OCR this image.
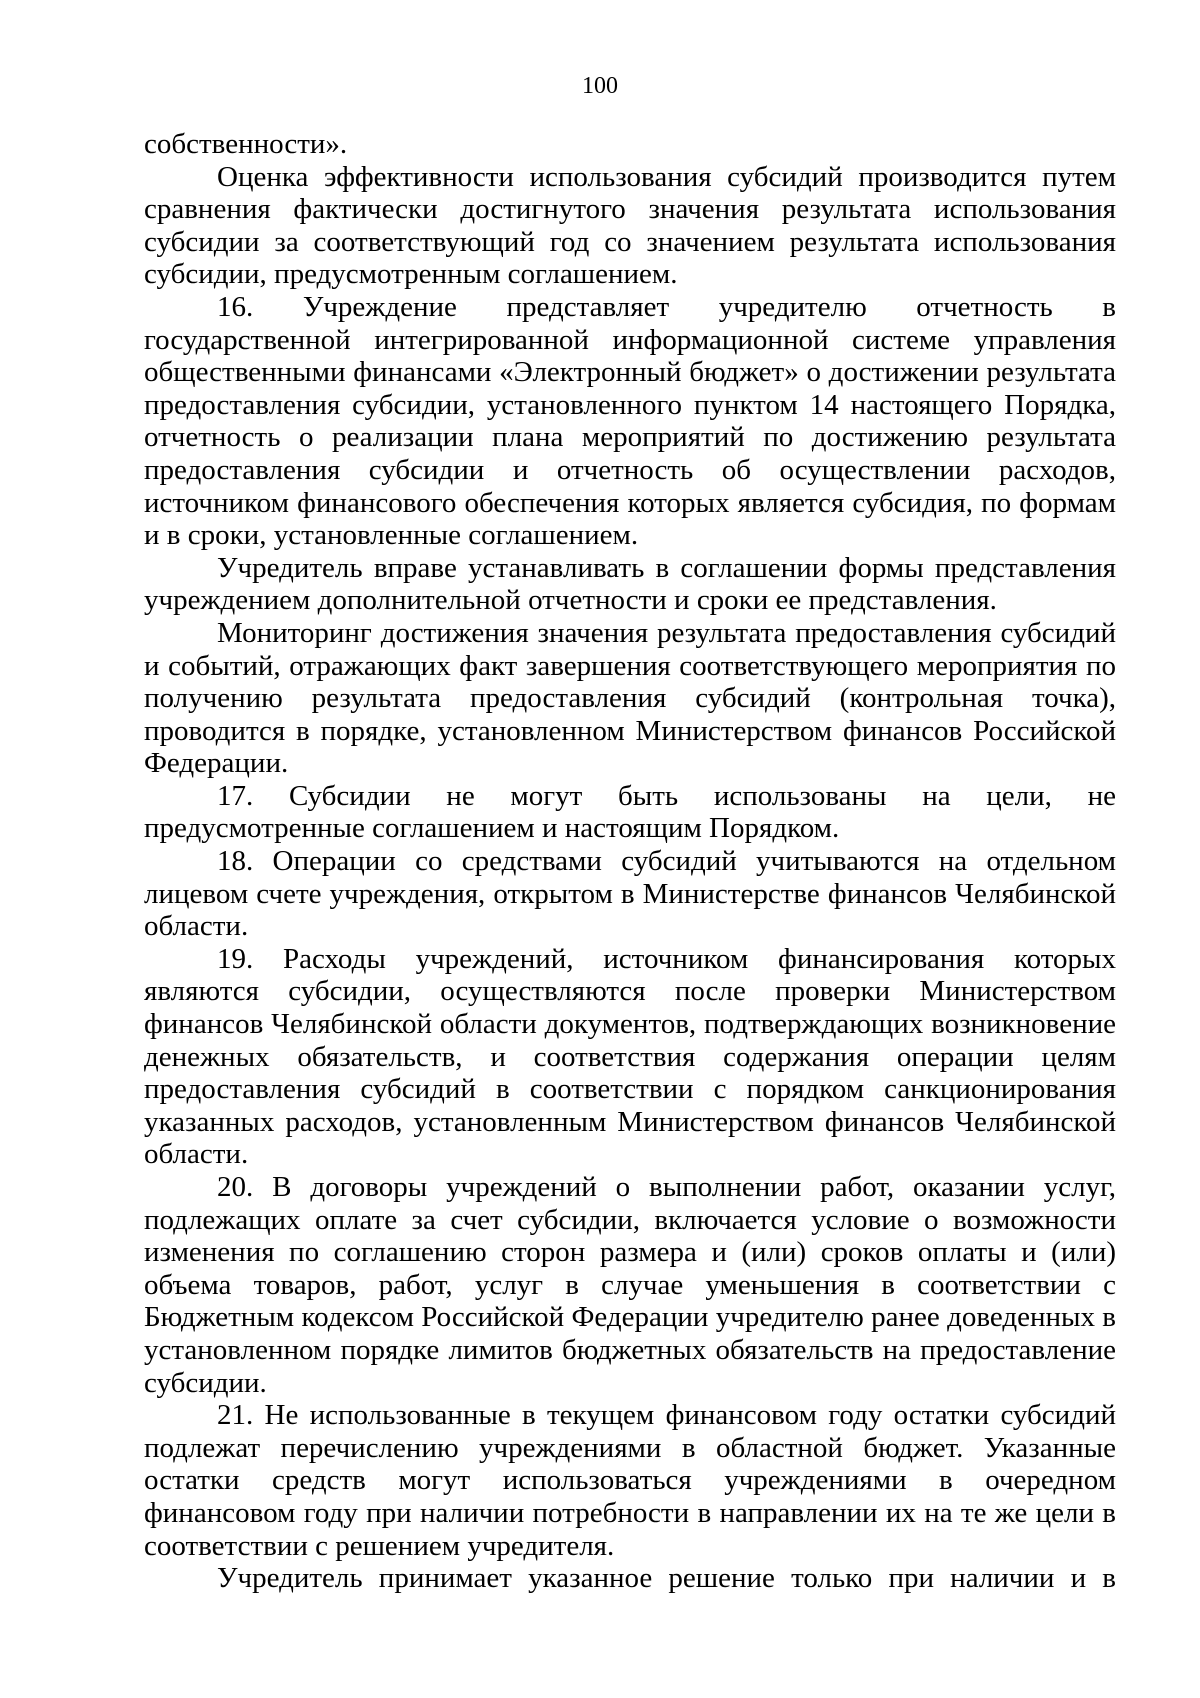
100

собственности».

Оценка эффективности использования субсидий производится путем сравнения фактически достигнутого значения результата использования субсидии за соответствующий год со значением результата использования субсидии, предусмотренным соглашением.

16. Учреждение представляет учредителю отчетность в государственной интегрированной информационной системе управления общественными финансами «Электронный бюджет» о достижении результата предоставления субсидии, установленного пунктом 14 настоящего Порядка, отчетность о реализации плана мероприятий по достижению результата предоставления субсидии и отчетность об осуществлении расходов, источником финансового обеспечения которых является субсидия, по формам и в сроки, установленные соглашением.

Учредитель вправе устанавливать в соглашении формы представления учреждением дополнительной отчетности и сроки ее представления.

Мониторинг достижения значения результата предоставления субсидий и событий, отражающих факт завершения соответствующего мероприятия по получению результата предоставления субсидий (контрольная точка), проводится в порядке, установленном Министерством финансов Российской Федерации.

17. Субсидии не могут быть использованы на цели, не предусмотренные соглашением и настоящим Порядком.

18. Операции со средствами субсидий учитываются на отдельном лицевом счете учреждения, открытом в Министерстве финансов Челябинской области.

19. Расходы учреждений, источником финансирования которых являются субсидии, осуществляются после проверки Министерством финансов Челябинской области документов, подтверждающих возникновение денежных обязательств, и соответствия содержания операции целям предоставления субсидий в соответствии с порядком санкционирования указанных расходов, установленным Министерством финансов Челябинской области.

20. В договоры учреждений о выполнении работ, оказании услуг, подлежащих оплате за счет субсидии, включается условие о возможности изменения по соглашению сторон размера и (или) сроков оплаты и (или) объема товаров, работ, услуг в случае уменьшения в соответствии с Бюджетным кодексом Российской Федерации учредителю ранее доведенных в установленном порядке лимитов бюджетных обязательств на предоставление субсидии.

21. Не использованные в текущем финансовом году остатки субсидий подлежат перечислению учреждениями в областной бюджет. Указанные остатки средств могут использоваться учреждениями в очередном финансовом году при наличии потребности в направлении их на те же цели в соответствии с решением учредителя.

Учредитель принимает указанное решение только при наличии и в
